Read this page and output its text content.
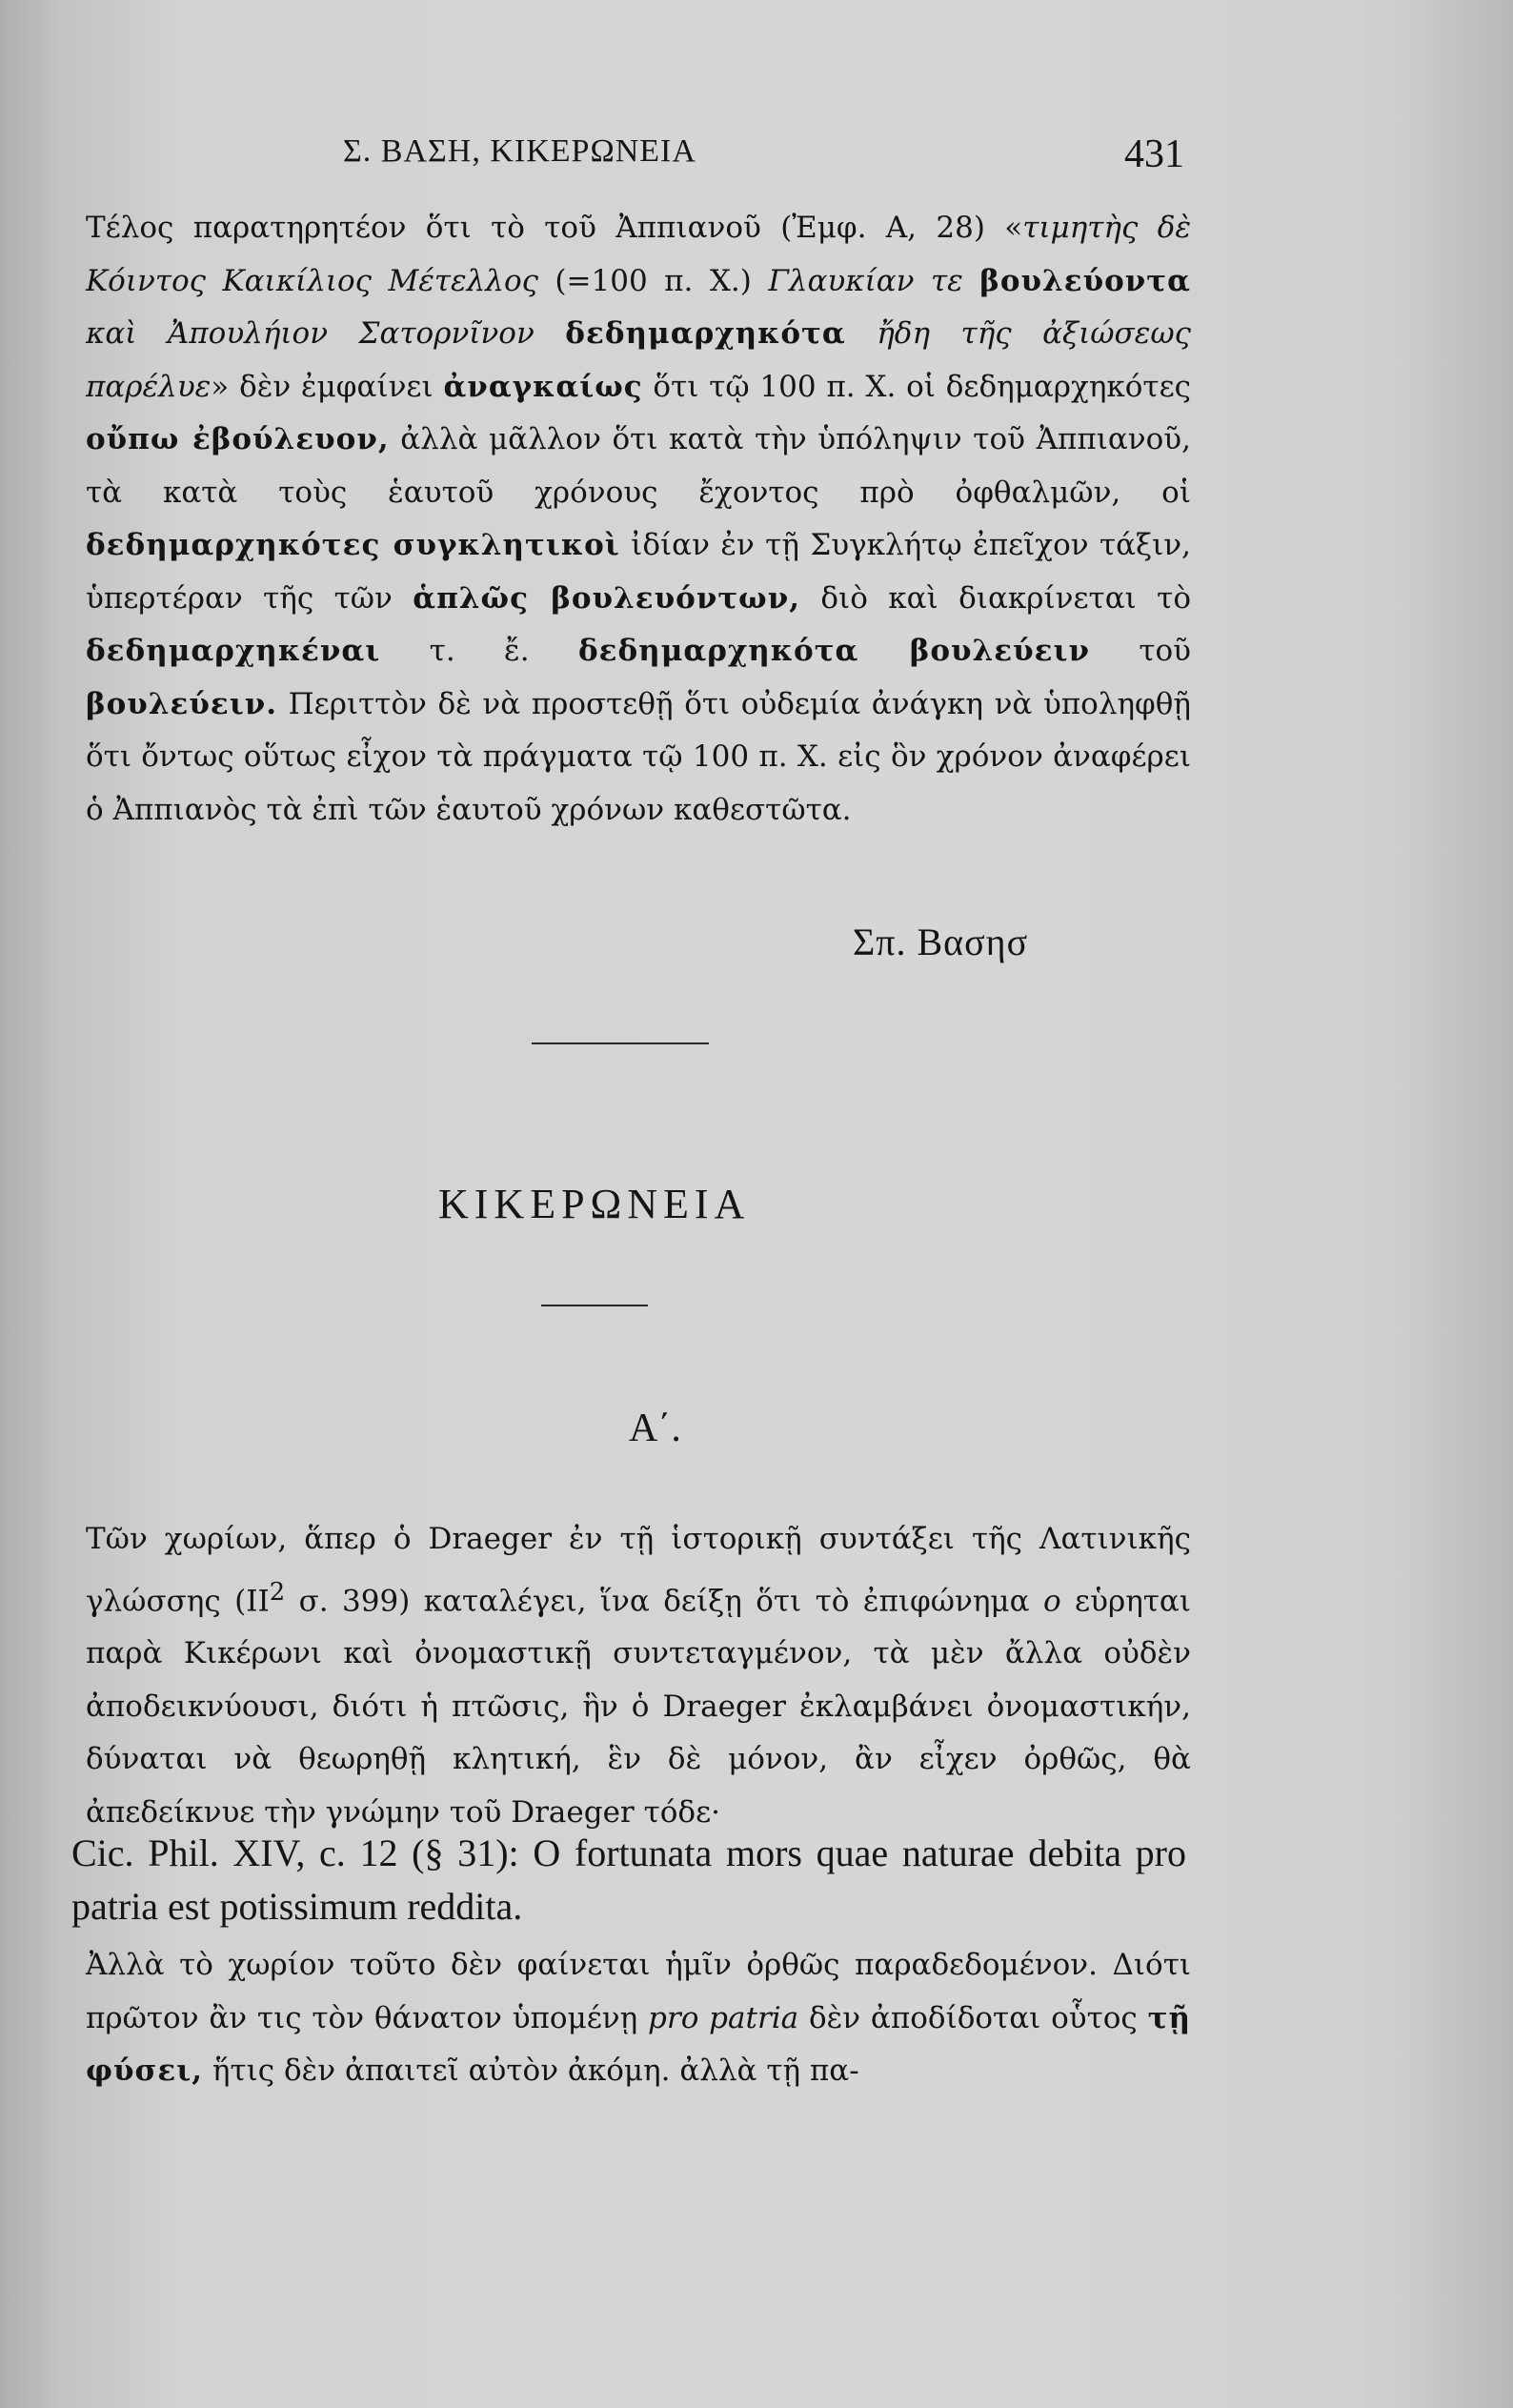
Σ. ΒΑΣΗ, ΚΙΚΕΡΩΝΕΙΑ	431

Τέλος παρατηρητέον ὅτι τὸ τοῦ Ἀππιανοῦ (Ἐμφ. Α, 28) «τιμητὴς δὲ Κόιντος Καικίλιος Μέτελλος (=100 π. Χ.) Γλαυκίαν τε βουλεύοντα καὶ Ἀπουλήιον Σατορνῖνον δεδημαρχηκότα ἤδη τῆς ἀξιώσεως παρέλυε» δὲν ἐμφαίνει ἀναγκαίως ὅτι τῷ 100 π. Χ. οἱ δεδημαρχηκότες οὔπω ἐβούλευον, ἀλλὰ μᾶλλον ὅτι κατὰ τὴν ὑπόληψιν τοῦ Ἀππιανοῦ, τὰ κατὰ τοὺς ἑαυτοῦ χρόνους ἔχοντος πρὸ ὀφθαλμῶν, οἱ δεδημαρχηκότες συγκλητικοὶ ἰδίαν ἐν τῇ Συγκλήτῳ ἐπεῖχον τάξιν, ὑπερτέραν τῆς τῶν ἁπλῶς βουλευόντων, διὸ καὶ διακρίνεται τὸ δεδημαρχηκέναι τ. ἔ. δεδημαρχηκότα βουλεύειν τοῦ βουλεύειν. Περιττὸν δὲ νὰ προστεθῇ ὅτι οὐδεμία ἀνάγκη νὰ ὑποληφθῇ ὅτι ὄντως οὕτως εἶχον τὰ πράγματα τῷ 100 π. Χ. εἰς ὃν χρόνον ἀναφέρει ὁ Ἀππιανὸς τὰ ἐπὶ τῶν ἑαυτοῦ χρόνων καθεστῶτα.

Σπ. Βασησ
ΚΙΚΕΡΩΝΕΙΑ
Α΄.

Τῶν χωρίων, ἅπερ ὁ Draeger ἐν τῇ ἱστορικῇ συντάξει τῆς Λατινικῆς γλώσσης ($II^2$ σ. 399) καταλέγει, ἵνα δείξῃ ὅτι τὸ ἐπιφώνημα o εὑρηται παρὰ Κικέρωνι καὶ ὀνομαστικῇ συντεταγμένον, τὰ μὲν ἄλλα οὐδὲν ἀποδεικνύουσι, διότι ἡ πτῶσις, ἣν ὁ Draeger ἐκλαμβάνει ὀνομαστικήν, δύναται νὰ θεωρηθῇ κλητική, ἓν δὲ μόνον, ἂν εἶχεν ὀρθῶς, θὰ ἀπεδείκνυε τὴν γνώμην τοῦ Draeger τόδε·

Cic. Phil. XIV, c. 12 (§ 31): O fortunata mors quae naturae debita pro patria est potissimum reddita.

Ἀλλὰ τὸ χωρίον τοῦτο δὲν φαίνεται ἡμῖν ὀρθῶς παραδεδομένον. Διότι πρῶτον ἂν τις τὸν θάνατον ὑπομένῃ pro patria δὲν ἀποδίδοται οὗτος τῇ φύσει, ἥτις δὲν ἀπαιτεῖ αὐτὸν ἀκόμη. ἀλλὰ τῇ πα-
